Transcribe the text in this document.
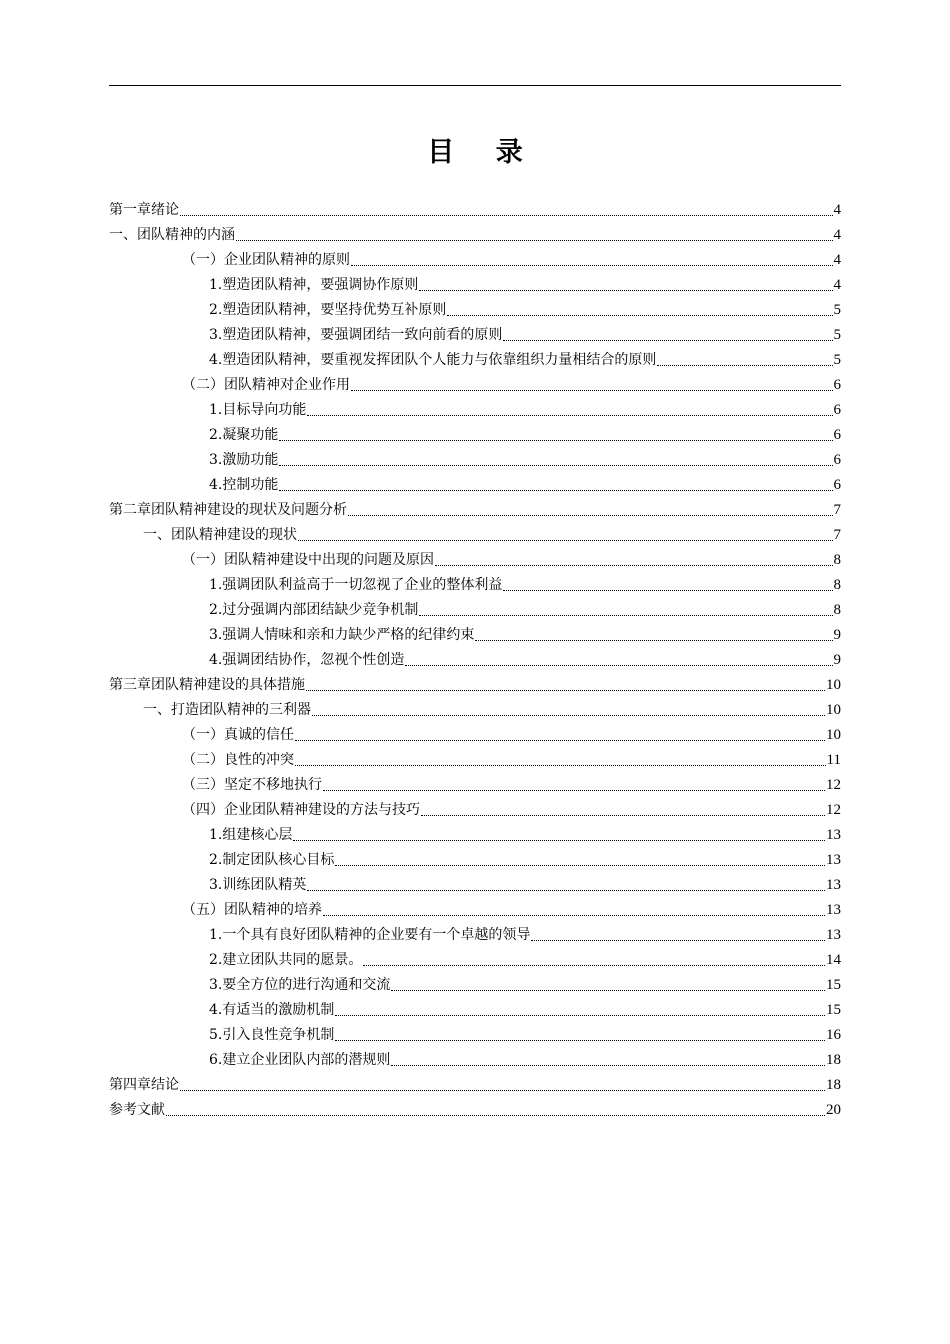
目 录
第一章绪论	4
一、团队精神的内涵	4
（一）企业团队精神的原则	4
1.塑造团队精神，要强调协作原则	4
2.塑造团队精神，要坚持优势互补原则	5
3.塑造团队精神，要强调团结一致向前看的原则	5
4.塑造团队精神，要重视发挥团队个人能力与依靠组织力量相结合的原则	5
（二）团队精神对企业作用	6
1.目标导向功能	6
2.凝聚功能	6
3.激励功能	6
4.控制功能	6
第二章团队精神建设的现状及问题分析	7
一、团队精神建设的现状	7
（一）团队精神建设中出现的问题及原因	8
1.强调团队利益高于一切忽视了企业的整体利益	8
2.过分强调内部团结缺少竞争机制	8
3.强调人情味和亲和力缺少严格的纪律约束	9
4.强调团结协作，忽视个性创造	9
第三章团队精神建设的具体措施	10
一、打造团队精神的三利器	10
（一）真诚的信任	10
（二）良性的冲突	11
（三）坚定不移地执行	12
（四）企业团队精神建设的方法与技巧	12
1.组建核心层	13
2.制定团队核心目标	13
3.训练团队精英	13
（五）团队精神的培养	13
1.一个具有良好团队精神的企业要有一个卓越的领导	13
2.建立团队共同的愿景。	14
3.要全方位的进行沟通和交流	15
4.有适当的激励机制	15
5.引入良性竞争机制	16
6.建立企业团队内部的潜规则	18
第四章结论	18
参考文献	20
